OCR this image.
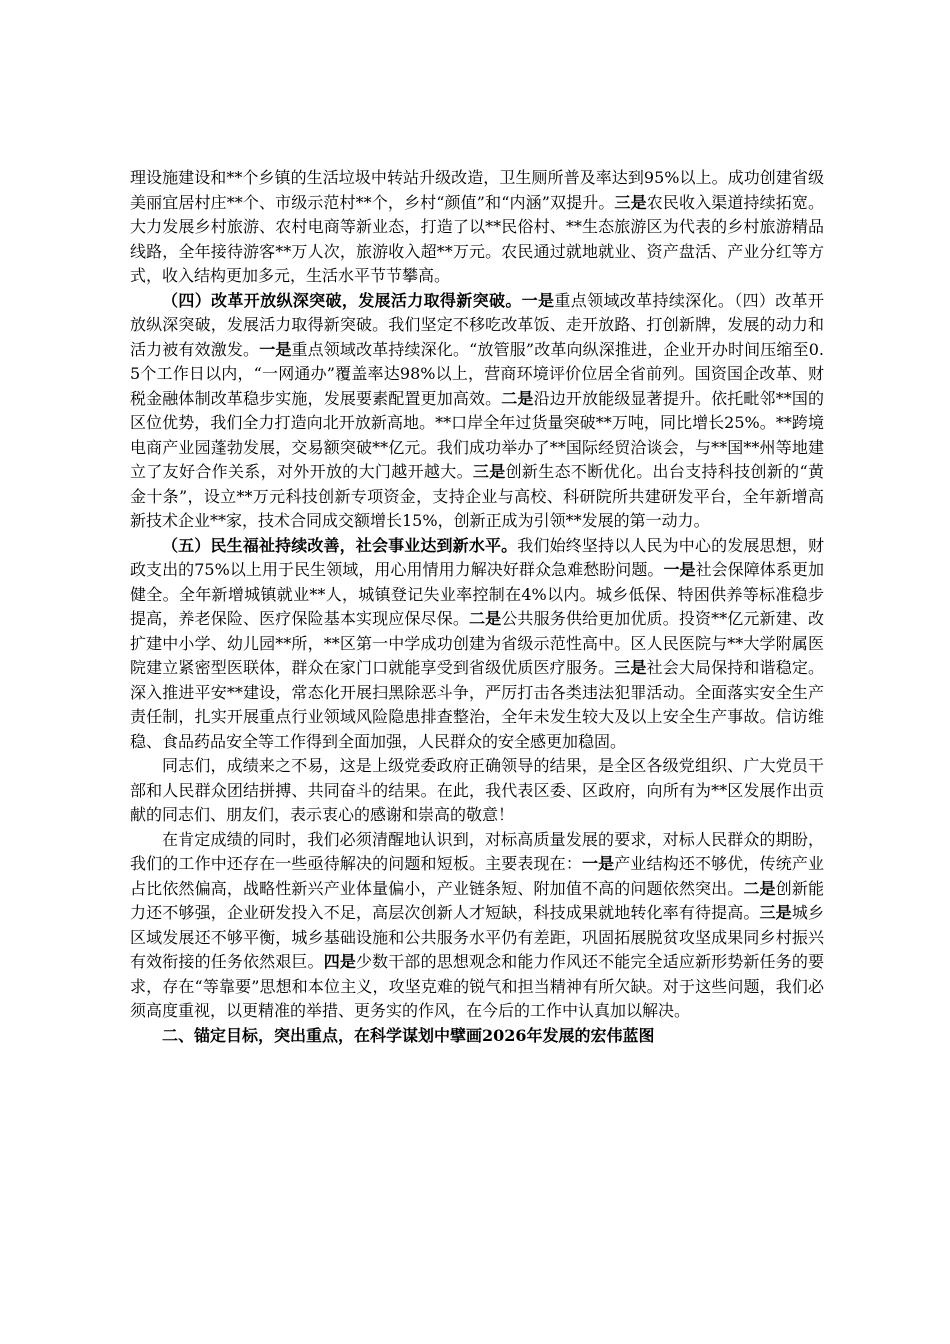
理设施建设和**个乡镇的生活垃圾中转站升级改造，卫生厕所普及率达到95%以上。成功创建省级美丽宜居村庄**个、市级示范村**个，乡村“颜值”和“内涵”双提升。三是农民收入渠道持续拓宽。大力发展乡村旅游、农村电商等新业态，打造了以**民俗村、**生态旅游区为代表的乡村旅游精品线路，全年接待游客**万人次，旅游收入超**万元。农民通过就地就业、资产盘活、产业分红等方式，收入结构更加多元，生活水平节节攀高。

（四）改革开放纵深突破，发展活力取得新突破。一是重点领域改革持续深化。（四）改革开放纵深突破，发展活力取得新突破。我们坚定不移吃改革饭、走开放路、打创新牌，发展的动力和活力被有效激发。一是重点领域改革持续深化。“放管服”改革向纵深推进，企业开办时间压缩至0.5个工作日以内，“一网通办”覆盖率达98%以上，营商环境评价位居全省前列。国资国企改革、财税金融体制改革稳步实施，发展要素配置更加高效。二是沿边开放能级显著提升。依托毗邻**国的区位优势，我们全力打造向北开放新高地。**口岸全年过货量突破**万吨，同比增长25%。**跨境电商产业园蓬勃发展，交易额突破**亿元。我们成功举办了**国际经贸洽谈会，与**国**州等地建立了友好合作关系，对外开放的大门越开越大。三是创新生态不断优化。出台支持科技创新的“黄金十条”，设立**万元科技创新专项资金，支持企业与高校、科研院所共建研发平台，全年新增高新技术企业**家，技术合同成交额增长15%，创新正成为引领**发展的第一动力。

（五）民生福祉持续改善，社会事业达到新水平。我们始终坚持以人民为中心的发展思想，财政支出的75%以上用于民生领域，用心用情用力解决好群众急难愁盼问题。一是社会保障体系更加健全。全年新增城镇就业**人，城镇登记失业率控制在4%以内。城乡低保、特困供养等标准稳步提高，养老保险、医疗保险基本实现应保尽保。二是公共服务供给更加优质。投资**亿元新建、改扩建中小学、幼儿园**所，**区第一中学成功创建为省级示范性高中。区人民医院与**大学附属医院建立紧密型医联体，群众在家门口就能享受到省级优质医疗服务。三是社会大局保持和谐稳定。深入推进平安**建设，常态化开展扫黑除恶斗争，严厉打击各类违法犯罪活动。全面落实安全生产责任制，扎实开展重点行业领域风险隐患排查整治，全年未发生较大及以上安全生产事故。信访维稳、食品药品安全等工作得到全面加强，人民群众的安全感更加稳固。

同志们，成绩来之不易，这是上级党委政府正确领导的结果，是全区各级党组织、广大党员干部和人民群众团结拼搏、共同奋斗的结果。在此，我代表区委、区政府，向所有为**区发展作出贡献的同志们、朋友们，表示衷心的感谢和崇高的敬意！

在肯定成绩的同时，我们必须清醒地认识到，对标高质量发展的要求，对标人民群众的期盼，我们的工作中还存在一些亟待解决的问题和短板。主要表现在：一是产业结构还不够优，传统产业占比依然偏高，战略性新兴产业体量偏小，产业链条短、附加值不高的问题依然突出。二是创新能力还不够强，企业研发投入不足，高层次创新人才短缺，科技成果就地转化率有待提高。三是城乡区域发展还不够平衡，城乡基础设施和公共服务水平仍有差距，巩固拓展脱贫攻坚成果同乡村振兴有效衔接的任务依然艰巨。四是少数干部的思想观念和能力作风还不能完全适应新形势新任务的要求，存在“等靠要”思想和本位主义，攻坚克难的锐气和担当精神有所欠缺。对于这些问题，我们必须高度重视，以更精准的举措、更务实的作风，在今后的工作中认真加以解决。

二、锚定目标，突出重点，在科学谋划中擘画2026年发展的宏伟蓝图
